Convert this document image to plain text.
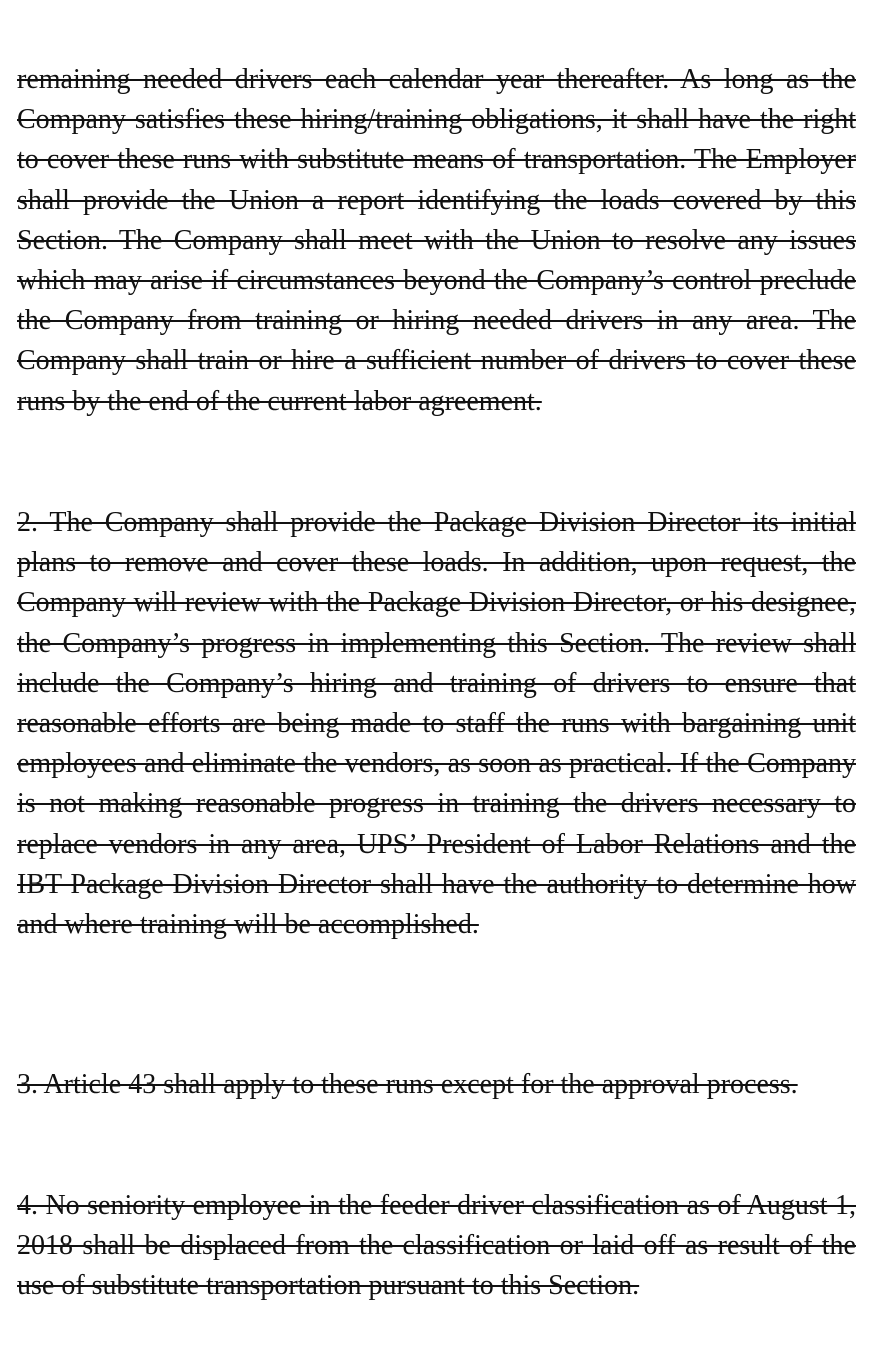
remaining needed drivers each calendar year thereafter. As long as the Company satisfies these hiring/training obligations, it shall have the right to cover these runs with substitute means of transportation. The Employer shall provide the Union a report identifying the loads covered by this Section. The Company shall meet with the Union to resolve any issues which may arise if circumstances beyond the Company’s control preclude the Company from training or hiring needed drivers in any area. The Company shall train or hire a sufficient number of drivers to cover these runs by the end of the current labor agreement.

2. The Company shall provide the Package Division Director its initial plans to remove and cover these loads. In addition, upon request, the Company will review with the Package Division Director, or his designee, the Company’s progress in implementing this Section. The review shall include the Company’s hiring and training of drivers to ensure that reasonable efforts are being made to staff the runs with bargaining unit employees and eliminate the vendors, as soon as practical. If the Company is not making reasonable progress in training the drivers necessary to replace vendors in any area, UPS’ President of Labor Relations and the IBT Package Division Director shall have the authority to determine how and where training will be accomplished.

3. Article 43 shall apply to these runs except for the approval process.

4. No seniority employee in the feeder driver classification as of August 1, 2018 shall be displaced from the classification or laid off as result of the use of substitute transportation pursuant to this Section.
